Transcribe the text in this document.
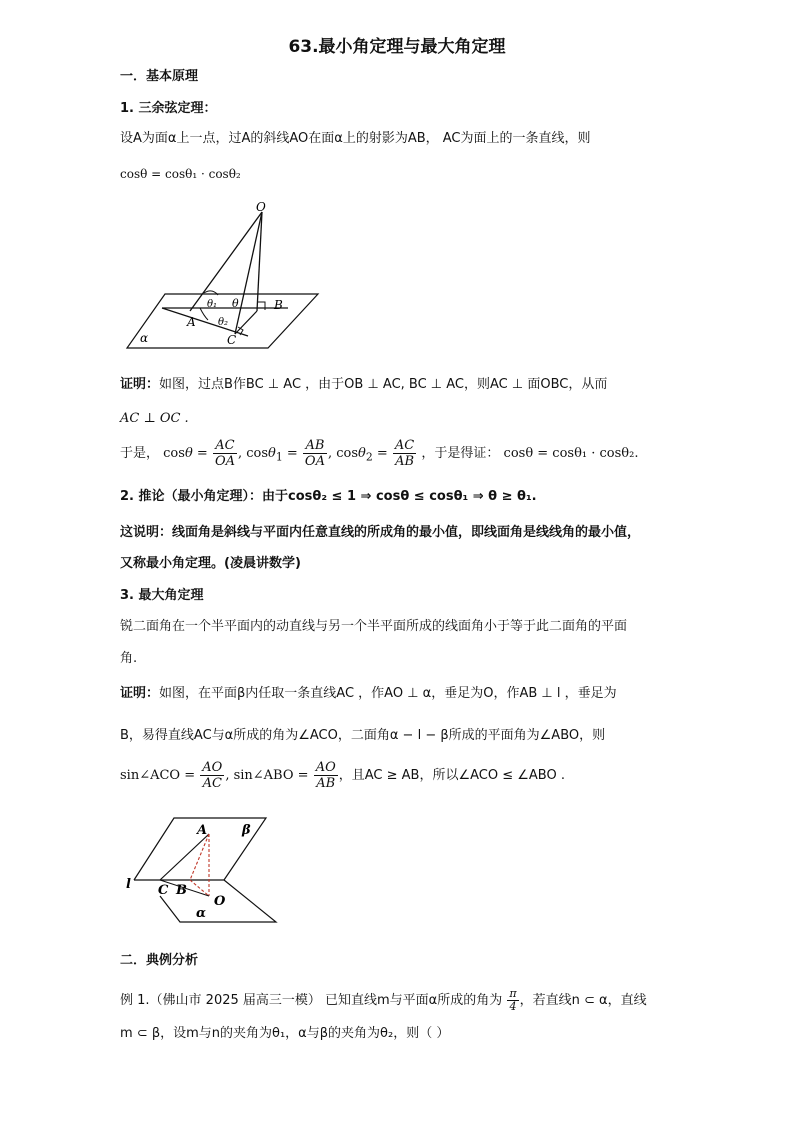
63.最小角定理与最大角定理
一．基本原理
1. 三余弦定理：
设A为面α上一点，过A的斜线AO在面α上的射影为AB， AC为面上的一条直线，则
cosθ = cosθ₁ · cosθ₂
O
B
A
C
α
θ₁ θ
θ₂
证明：如图，过点B作BC ⊥ AC ，由于OB ⊥ AC, BC ⊥ AC，则AC ⊥ 面OBC，从而
AC ⊥ OC .
于是， $\cos\theta = \frac{AC}{OA}$ , $\cos\theta_1 = \frac{AB}{OA}$ , $\cos\theta_2 = \frac{AC}{AB}$ ，于是得证： cosθ = cosθ₁ · cosθ₂.
2. 推论（最小角定理）：由于cosθ₂ ≤ 1 ⇒ cosθ ≤ cosθ₁ ⇒ θ ≥ θ₁.
这说明：线面角是斜线与平面内任意直线的所成角的最小值，即线面角是线线角的最小值，
又称最小角定理。(凌晨讲数学)
3. 最大角定理
锐二面角在一个半平面内的动直线与另一个半平面所成的线面角小于等于此二面角的平面
角.
证明：如图，在平面β内任取一条直线AC ，作AO ⊥ α，垂足为O，作AB ⊥ l ，垂足为
B，易得直线AC与α所成的角为∠ACO，二面角α − l − β所成的平面角为∠ABO，则
sin∠ACO = $\frac{AO}{AC}$ , sin∠ABO = $\frac{AO}{AB}$ ，且AC ≥ AB，所以∠ACO ≤ ∠ABO .
A	β
l C B
O
α
二．典例分析
例 1.（佛山市 2025 届高三一模） 已知直线m与平面α所成的角为 $\frac{\pi}{4}$ ，若直线n ⊂ α，直线
m ⊂ β，设m与n的夹角为θ₁，α与β的夹角为θ₂，则（ ）
